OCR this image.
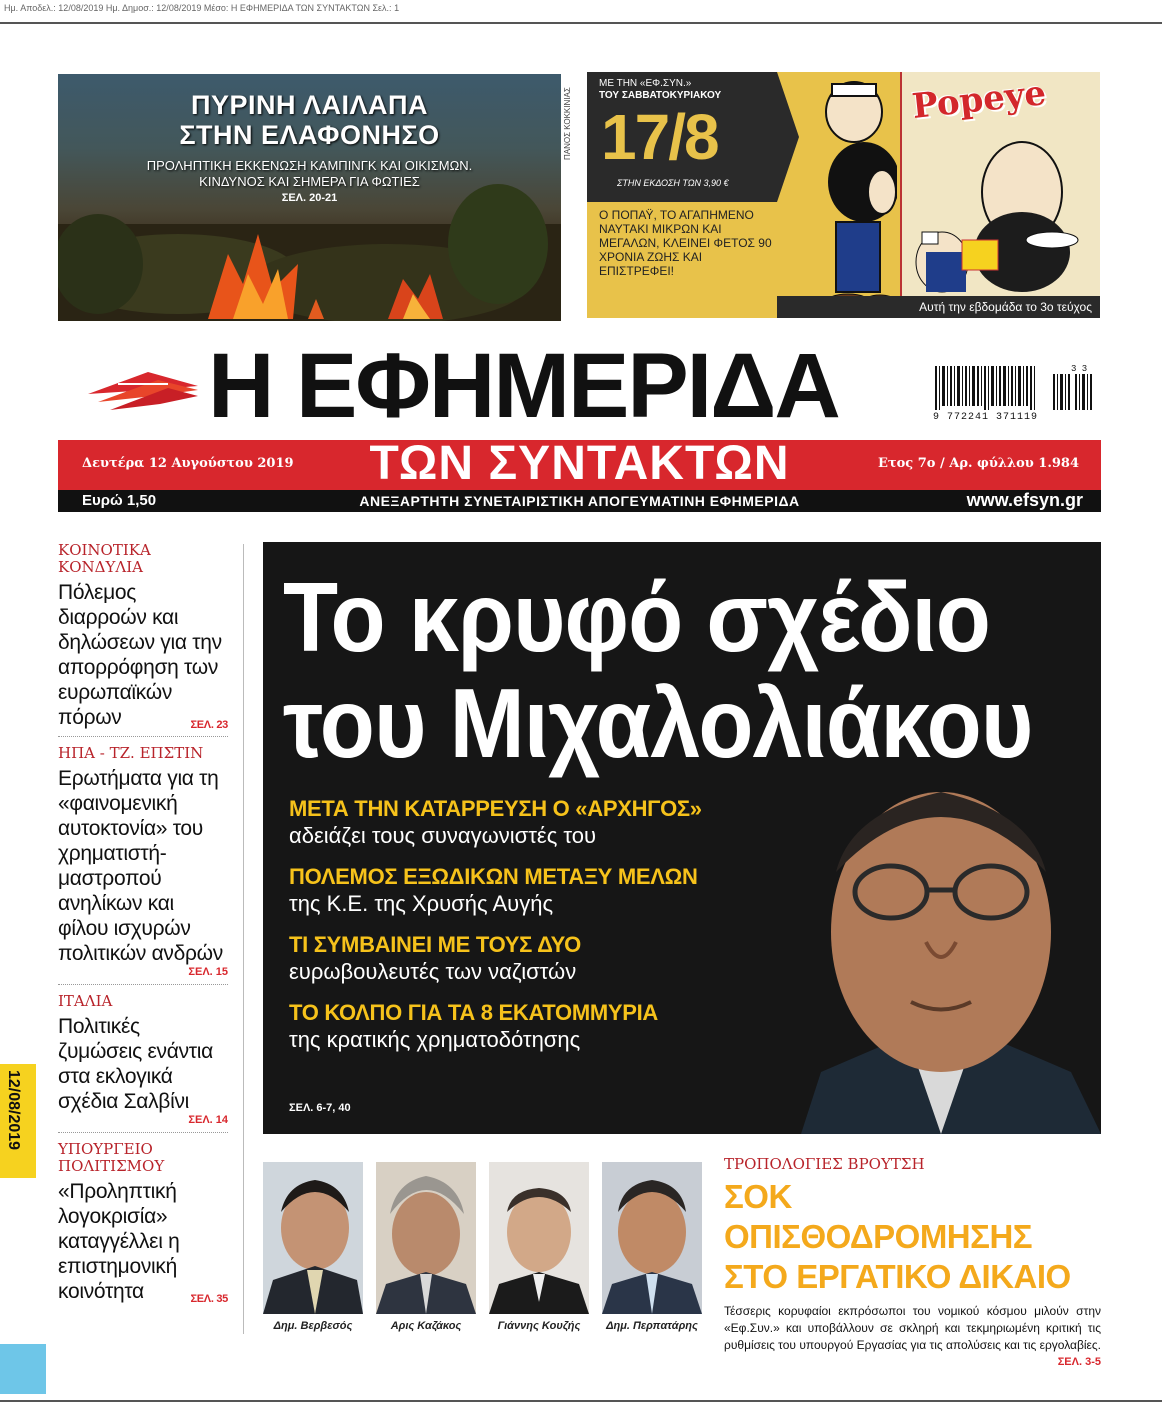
Ημ. Αποδελ.: 12/08/2019 Ημ. Δημοσ.: 12/08/2019 Μέσο: Η ΕΦΗΜΕΡΙΔΑ ΤΩΝ ΣΥΝΤΑΚΤΩΝ Σελ.: 1
ΠΥΡΙΝΗ ΛΑΙΛΑΠΑ
ΣΤΗΝ ΕΛΑΦΟΝΗΣΟ
ΠΡΟΛΗΠΤΙΚΗ ΕΚΚΕΝΩΣΗ ΚΑΜΠΙΝΓΚ ΚΑΙ ΟΙΚΙΣΜΩΝ.
ΚΙΝΔΥΝΟΣ ΚΑΙ ΣΗΜΕΡΑ ΓΙΑ ΦΩΤΙΕΣ
ΣΕΛ. 20-21
ΠΑΝΟΣ ΚΟΚΚΙΝΙΑΣ
ΜΕ ΤΗΝ «ΕΦ.ΣΥΝ.»
ΤΟΥ ΣΑΒΒΑΤΟΚΥΡΙΑΚΟΥ
17/8
ΣΤΗΝ ΕΚΔΟΣΗ ΤΩΝ 3,90 €
Ο ΠΟΠΑΫ, ΤΟ ΑΓΑΠΗΜΕΝΟ ΝΑΥΤΑΚΙ ΜΙΚΡΩΝ ΚΑΙ ΜΕΓΑΛΩΝ, ΚΛΕΙΝΕΙ ΦΕΤΟΣ 90 ΧΡΟΝΙΑ ΖΩΗΣ ΚΑΙ ΕΠΙΣΤΡΕΦΕΙ!
Popeye
Αυτή την εβδομάδα το 3ο τεύχος
Η ΕΦΗΜΕΡΙΔΑ	9 772241 371119
3 3
Δευτέρα 12 Αυγούστου 2019	ΤΩΝ ΣΥΝΤΑΚΤΩΝ	Ετος 7ο / Αρ. φύλλου 1.984
Ευρώ 1,50	ΑΝΕΞΑΡΤΗΤΗ ΣΥΝΕΤΑΙΡΙΣΤΙΚΗ ΑΠΟΓΕΥΜΑΤΙΝΗ ΕΦΗΜΕΡΙΔΑ	www.efsyn.gr
ΚΟΙΝΟΤΙΚΑ ΚΟΝΔΥΛΙΑ
Πόλεμος διαρροών και δηλώσεων για την απορρόφηση των ευρωπαϊκών πόρων	ΣΕΛ. 23
ΗΠΑ - ΤΖ. ΕΠΣΤΙΝ
Ερωτήματα για τη «φαινομενική αυτοκτονία» του χρηματιστή-μαστροπού ανηλίκων και φίλου ισχυρών πολιτικών ανδρών
ΣΕΛ. 15
ΙΤΑΛΙΑ
Πολιτικές ζυμώσεις ενάντια στα εκλογικά σχέδια Σαλβίνι
ΣΕΛ. 14
ΥΠΟΥΡΓΕΙΟ ΠΟΛΙΤΙΣΜΟΥ
«Προληπτική λογοκρισία» καταγγέλλει η επιστημονική κοινότητα	ΣΕΛ. 35
12/08/2019
Το κρυφό σχέδιο
του Μιχαλολιάκου
ΜΕΤΑ ΤΗΝ ΚΑΤΑΡΡΕΥΣΗ Ο «ΑΡΧΗΓΟΣ»
αδειάζει τους συναγωνιστές του
ΠΟΛΕΜΟΣ ΕΞΩΔΙΚΩΝ ΜΕΤΑΞΥ ΜΕΛΩΝ
της Κ.Ε. της Χρυσής Αυγής
ΤΙ ΣΥΜΒΑΙΝΕΙ ΜΕ ΤΟΥΣ ΔΥΟ
ευρωβουλευτές των ναζιστών
ΤΟ ΚΟΛΠΟ ΓΙΑ ΤΑ 8 ΕΚΑΤΟΜΜΥΡΙΑ
της κρατικής χρηματοδότησης
ΣΕΛ. 6-7, 40
Δημ. Βερβεσός	Αρις Καζάκος	Γιάννης Κουζής	Δημ. Περπατάρης
ΤΡΟΠΟΛΟΓΙΕΣ ΒΡΟΥΤΣΗ
ΣΟΚ ΟΠΙΣΘΟΔΡΟΜΗΣΗΣ
ΣΤΟ ΕΡΓΑΤΙΚΟ ΔΙΚΑΙΟ
Τέσσερις κορυφαίοι εκπρόσωποι του νομικού κόσμου μιλούν στην «Εφ.Συν.» και υποβάλλουν σε σκληρή και τεκμηριωμένη κριτική τις ρυθμίσεις του υπουργού Εργασίας για τις απολύσεις και τις εργολαβίες.
ΣΕΛ. 3-5
